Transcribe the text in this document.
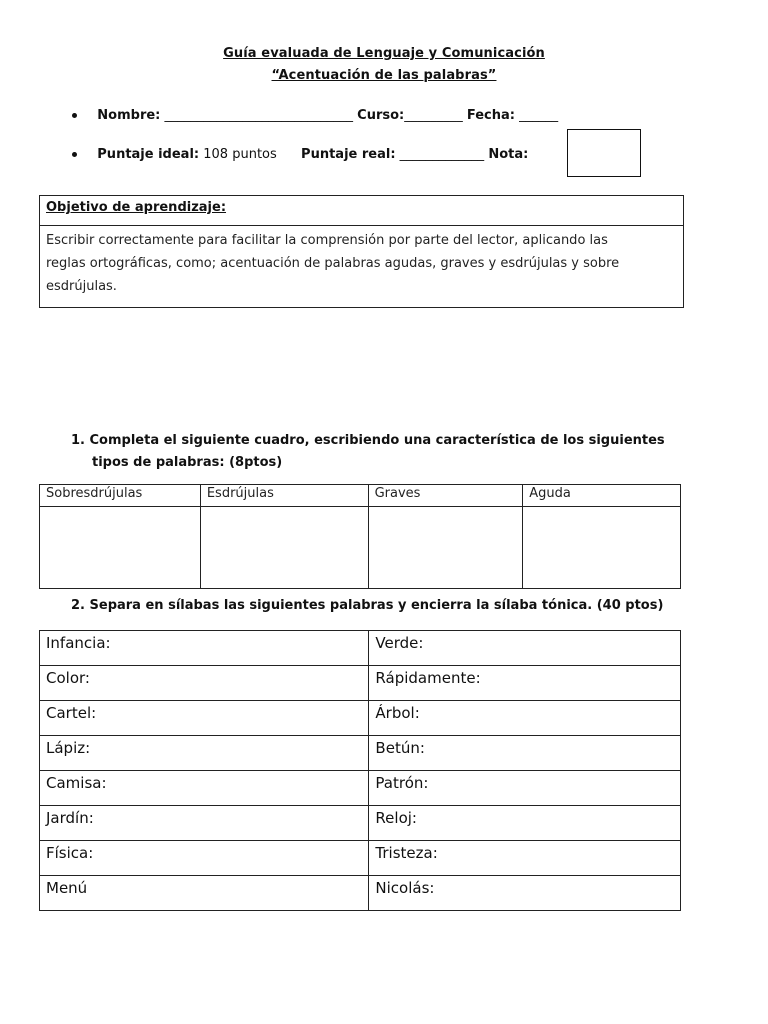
Guía evaluada de Lenguaje y Comunicación
“Acentuación de las palabras”
Nombre: _____________________________ Curso:_________ Fecha: ______
Puntaje ideal: 108 puntos Puntaje real: _____________ Nota:
Objetivo de aprendizaje:
Escribir correctamente para facilitar la comprensión por parte del lector, aplicando las
reglas ortográficas, como; acentuación de palabras agudas, graves y esdrújulas y sobre
esdrújulas.
1. Completa el siguiente cuadro, escribiendo una característica de los siguientes
tipos de palabras: (8ptos)
Sobresdrújulas	Esdrújulas	Graves	Aguda

2. Separa en sílabas las siguientes palabras y encierra la sílaba tónica. (40 ptos)
Infancia:	Verde:
Color:	Rápidamente:
Cartel:	Árbol:
Lápiz:	Betún:
Camisa:	Patrón:
Jardín:	Reloj:
Física:	Tristeza:
Menú	Nicolás:
